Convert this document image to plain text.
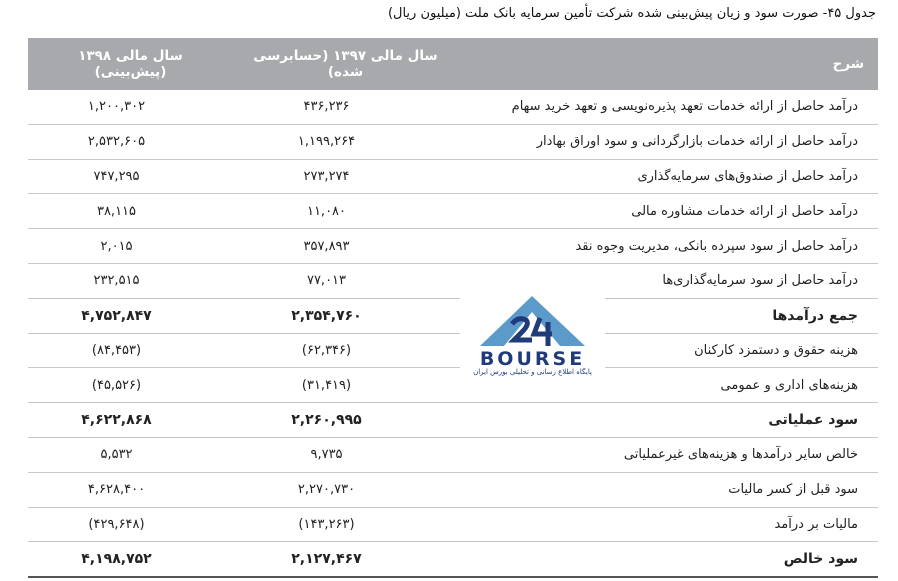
جدول ۴۵- صورت سود و زیان پیش‌بینی شده شرکت تأمین سرمایه بانک ملت (میلیون ریال)
شرح	سال مالی ۱۳۹۷ (حسابرسی شده)	سال مالی ۱۳۹۸ (پیش‌بینی)
درآمد حاصل از ارائه خدمات تعهد پذیره‌نویسی و تعهد خرید سهام	۴۳۶,۲۳۶	۱,۲۰۰,۳۰۲
درآمد حاصل از ارائه خدمات بازارگردانی و سود اوراق بهادار	۱,۱۹۹,۲۶۴	۲,۵۳۲,۶۰۵
درآمد حاصل از صندوق‌های سرمایه‌گذاری	۲۷۳,۲۷۴	۷۴۷,۲۹۵
درآمد حاصل از ارائه خدمات مشاوره مالی	۱۱,۰۸۰	۳۸,۱۱۵
درآمد حاصل از سود سپرده بانکی، مدیریت وجوه نقد	۳۵۷,۸۹۳	۲,۰۱۵
درآمد حاصل از سود سرمایه‌گذاری‌ها	۷۷,۰۱۳	۲۳۲,۵۱۵
جمع درآمدها	۲,۳۵۴,۷۶۰	۴,۷۵۲,۸۴۷
هزینه حقوق و دستمزد کارکنان	(۶۲,۳۴۶)	(۸۴,۴۵۳)
هزینه‌های اداری و عمومی	(۳۱,۴۱۹)	(۴۵,۵۲۶)
سود عملیاتی	۲,۲۶۰,۹۹۵	۴,۶۲۲,۸۶۸
خالص سایر درآمدها و هزینه‌های غیرعملیاتی	۹,۷۳۵	۵,۵۳۲
سود قبل از کسر مالیات	۲,۲۷۰,۷۳۰	۴,۶۲۸,۴۰۰
مالیات بر درآمد	(۱۴۳,۲۶۳)	(۴۲۹,۶۴۸)
سود خالص	۲,۱۲۷,۴۶۷	۴,۱۹۸,۷۵۲
BOURSE
پایگاه اطلاع رسانی و تحلیلی بورس ایران
